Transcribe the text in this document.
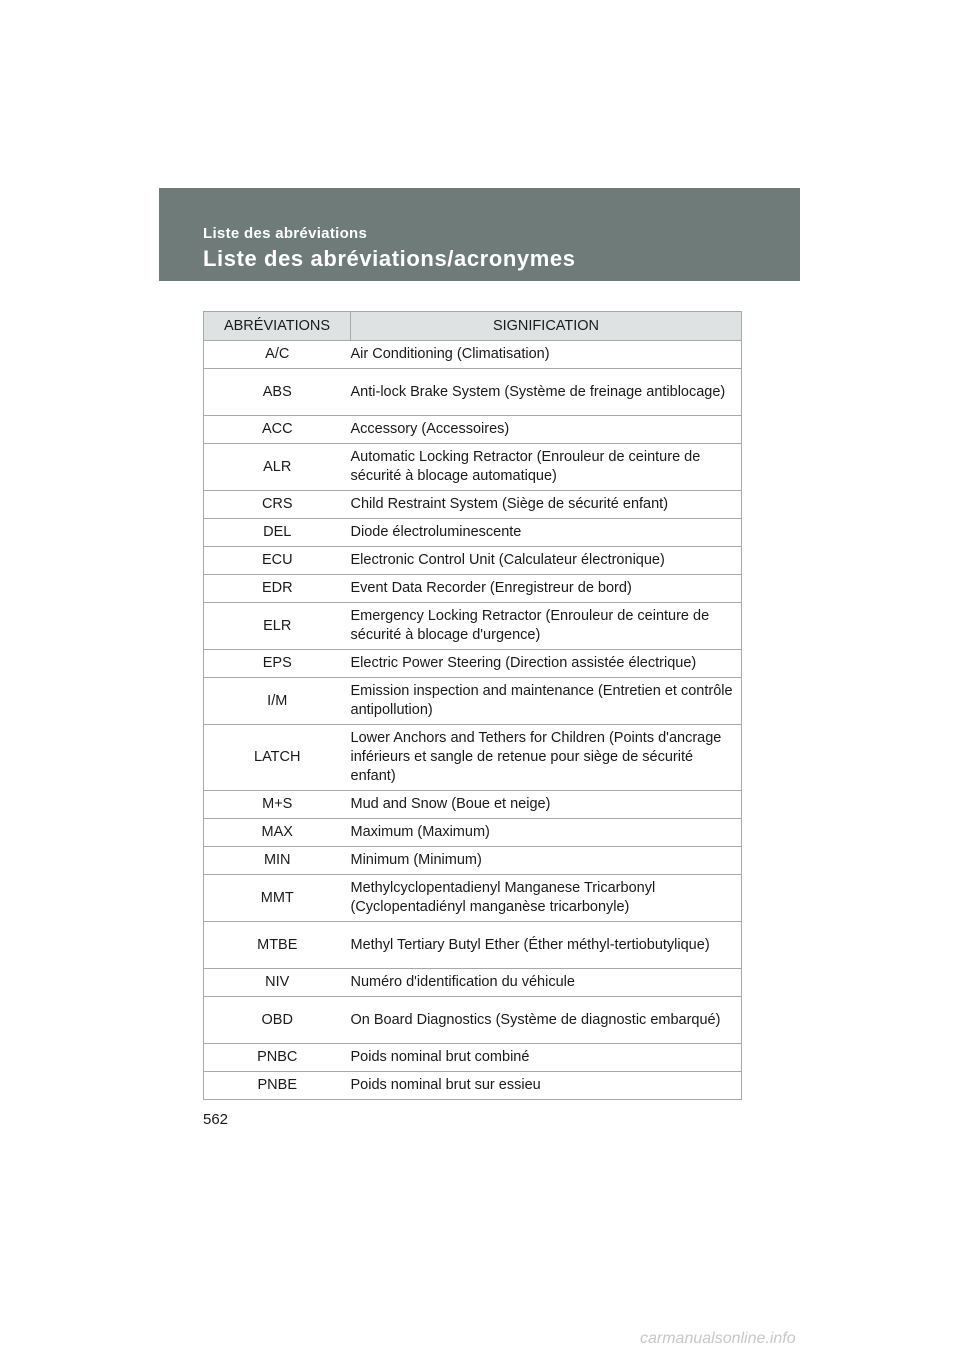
Liste des abréviations
Liste des abréviations/acronymes
ABRÉVIATIONS	SIGNIFICATION
A/C	Air Conditioning (Climatisation)
ABS	Anti-lock Brake System (Système de freinage antiblocage)
ACC	Accessory (Accessoires)
ALR	Automatic Locking Retractor (Enrouleur de ceinture de sécurité à blocage automatique)
CRS	Child Restraint System (Siège de sécurité enfant)
DEL	Diode électroluminescente
ECU	Electronic Control Unit (Calculateur électronique)
EDR	Event Data Recorder (Enregistreur de bord)
ELR	Emergency Locking Retractor (Enrouleur de ceinture de sécurité à blocage d'urgence)
EPS	Electric Power Steering (Direction assistée électrique)
I/M	Emission inspection and maintenance (Entretien et contrôle antipollution)
LATCH	Lower Anchors and Tethers for Children (Points d'ancrage inférieurs et sangle de retenue pour siège de sécurité enfant)
M+S	Mud and Snow (Boue et neige)
MAX	Maximum (Maximum)
MIN	Minimum (Minimum)
MMT	Methylcyclopentadienyl Manganese Tricarbonyl (Cyclopentadiényl manganèse tricarbonyle)
MTBE	Methyl Tertiary Butyl Ether (Éther méthyl-tertiobutylique)
NIV	Numéro d'identification du véhicule
OBD	On Board Diagnostics (Système de diagnostic embarqué)
PNBC	Poids nominal brut combiné
PNBE	Poids nominal brut sur essieu
562
carmanualsonline.info
